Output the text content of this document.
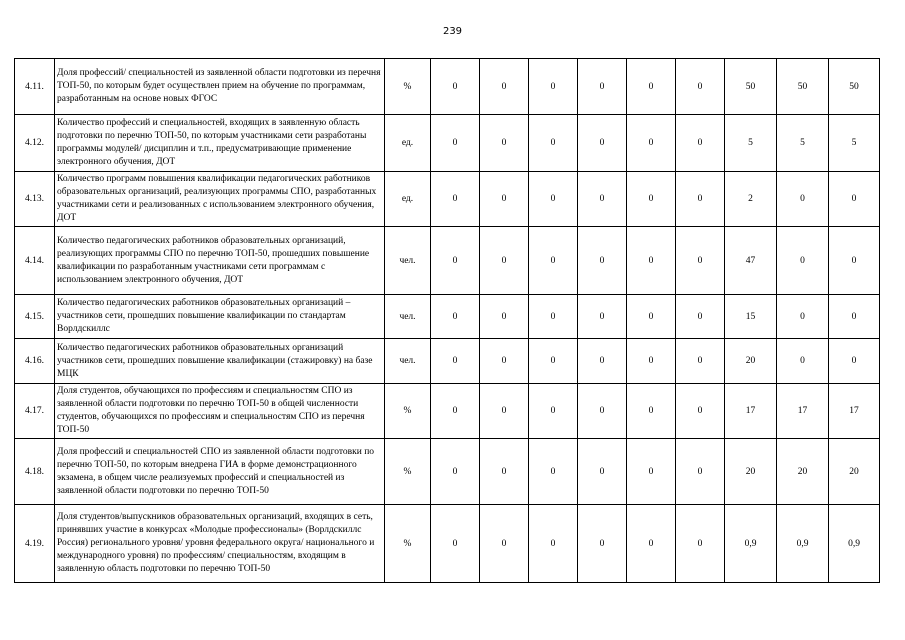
239
4.11.	Доля профессий/ специальностей из заявленной области подготовки из перечня ТОП-50, по которым будет осуществлен прием на обучение по программам, разработанным на основе новых ФГОС	%	0	0	0	0	0	0	50	50	50
4.12.	Количество профессий и специальностей, входящих в заявленную область подготовки по перечню ТОП-50, по которым участниками сети разработаны программы модулей/ дисциплин и т.п., предусматривающие применение электронного обучения, ДОТ	ед.	0	0	0	0	0	0	5	5	5
4.13.	Количество программ повышения квалификации педагогических работников образовательных организаций, реализующих программы СПО, разработанных участниками сети и реализованных с использованием электронного обучения, ДОТ	ед.	0	0	0	0	0	0	2	0	0
4.14.	Количество педагогических работников образовательных организаций, реализующих программы СПО по перечню ТОП-50, прошедших повышение квалификации по разработанным участниками сети программам с использованием электронного обучения, ДОТ	чел.	0	0	0	0	0	0	47	0	0
4.15.	Количество педагогических работников образовательных организаций –участников сети, прошедших повышение квалификации по стандартам Ворлдскиллс	чел.	0	0	0	0	0	0	15	0	0
4.16.	Количество педагогических работников образовательных организаций участников сети, прошедших повышение квалификации (стажировку) на базе МЦК	чел.	0	0	0	0	0	0	20	0	0
4.17.	Доля студентов, обучающихся по профессиям и специальностям СПО из заявленной области подготовки по перечню ТОП-50 в общей численности студентов, обучающихся по профессиям и специальностям СПО из перечня ТОП-50	%	0	0	0	0	0	0	17	17	17
4.18.	Доля профессий и специальностей СПО из заявленной области подготовки по перечню ТОП-50, по которым внедрена ГИА в форме демонстрационного экзамена, в общем числе реализуемых профессий и специальностей из заявленной области подготовки по перечню ТОП-50	%	0	0	0	0	0	0	20	20	20
4.19.	Доля студентов/выпускников образовательных организаций, входящих в сеть, принявших участие в конкурсах «Молодые профессионалы» (Ворлдскиллс Россия) регионального уровня/ уровня федерального округа/ национального и международного уровня) по профессиям/ специальностям, входящим в заявленную область подготовки по перечню ТОП-50	%	0	0	0	0	0	0	0,9	0,9	0,9
